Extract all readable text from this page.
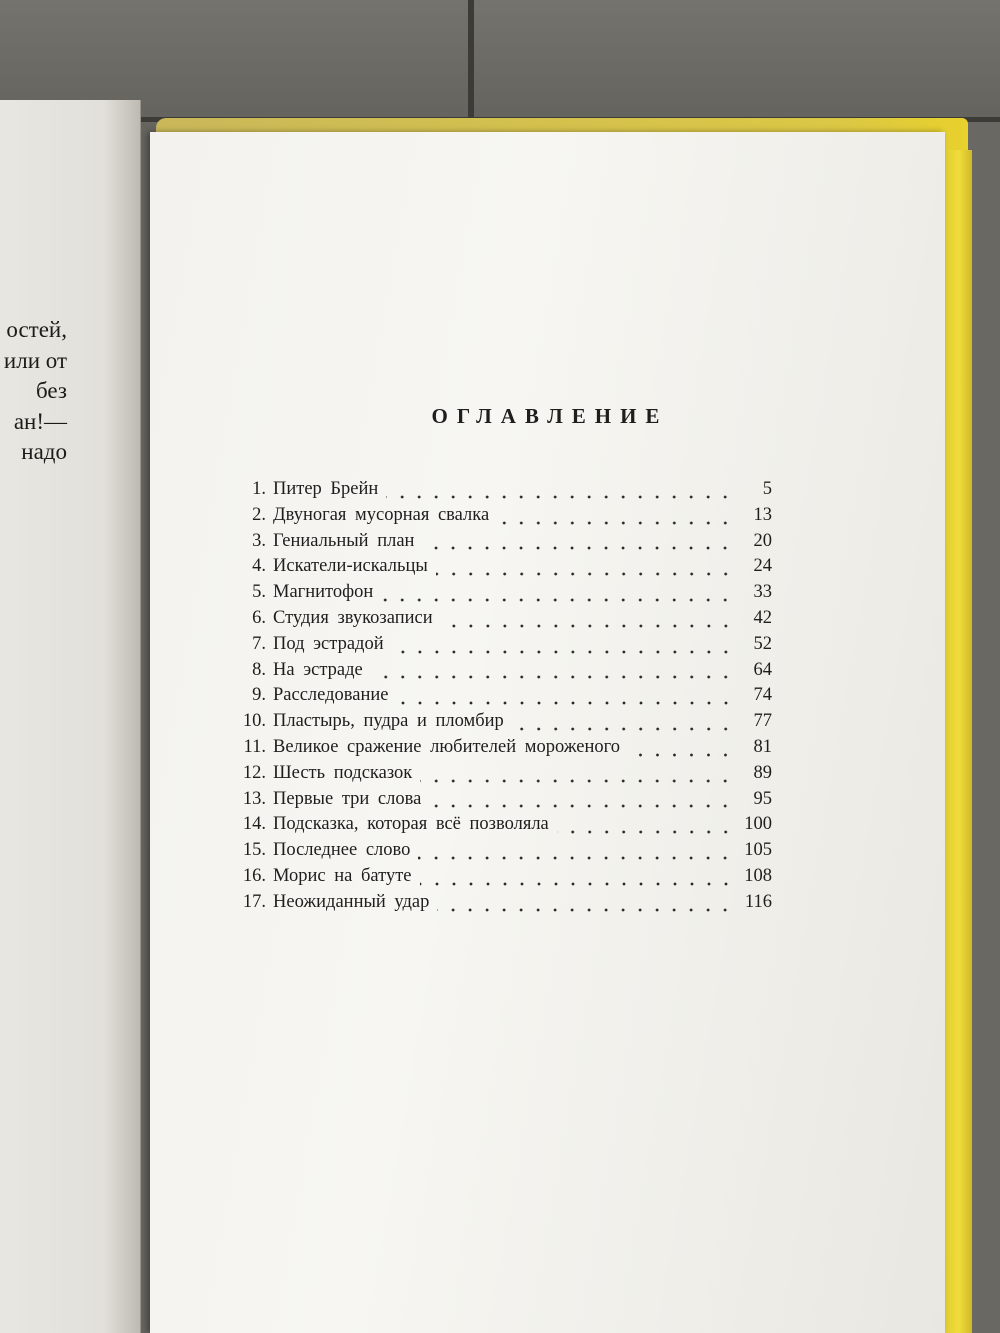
остей,
или от
без
ан!—
надо
ОГЛАВЛЕНИЕ
1. Питер Брейн	5
2. Двуногая мусорная свалка	13
3. Гениальный план	20
4. Искатели-искальцы	24
5. Магнитофон	33
6. Студия звукозаписи	42
7. Под эстрадой	52
8. На эстраде	64
9. Расследование	74
10. Пластырь, пудра и пломбир	77
11. Великое сражение любителей мороженого	81
12. Шесть подсказок	89
13. Первые три слова	95
14. Подсказка, которая всё позволяла	100
15. Последнее слово	105
16. Морис на батуте	108
17. Неожиданный удар	116
